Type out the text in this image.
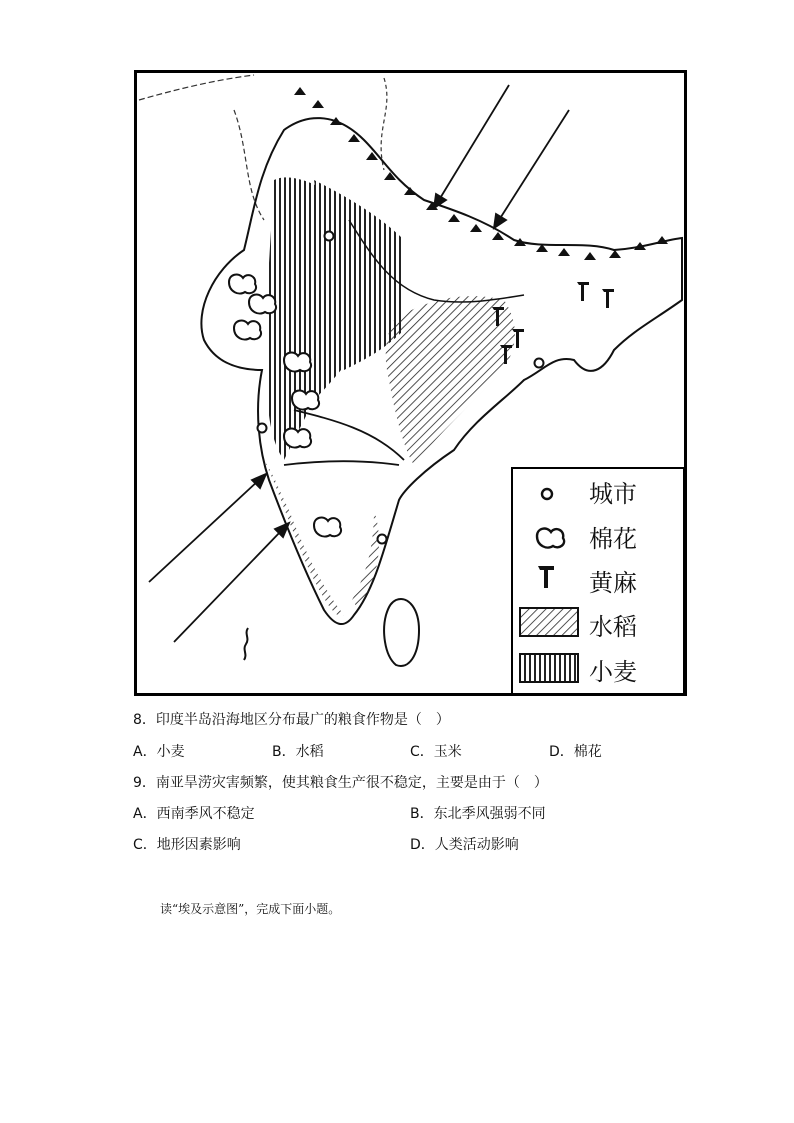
城市
棉花
黄麻
水稻
小麦
8．印度半岛沿海地区分布最广的粮食作物是（　）
A．小麦	B．水稻	C．玉米	D．棉花
9．南亚旱涝灾害频繁，使其粮食生产很不稳定，主要是由于（　）
A．西南季风不稳定	B．东北季风强弱不同
C．地形因素影响	D．人类活动影响
读“埃及示意图”，完成下面小题。
